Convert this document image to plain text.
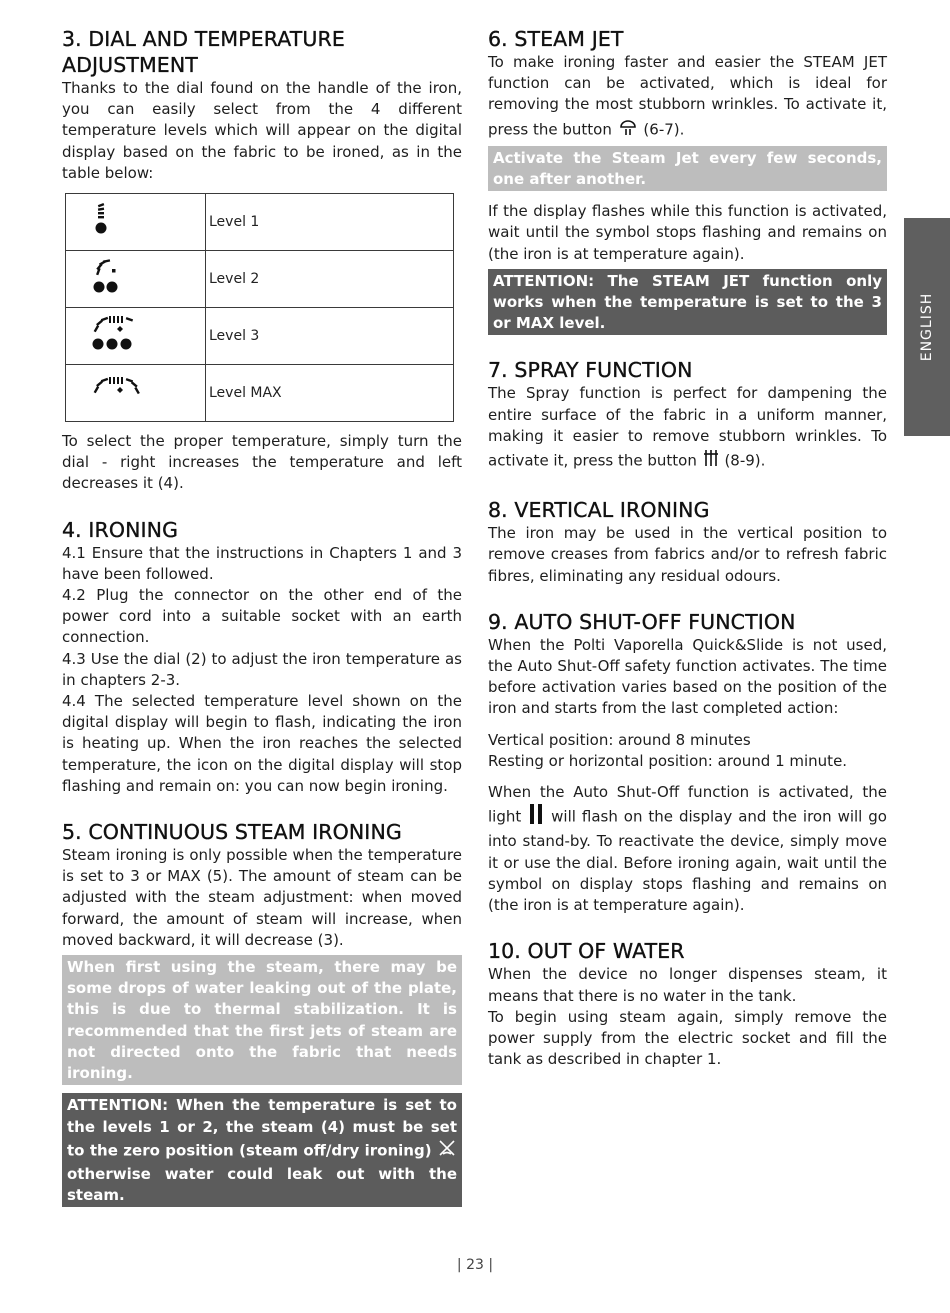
3. DIAL AND TEMPERATURE
ADJUSTMENT

Thanks to the dial found on the handle of the iron, you can easily select from the 4 different temperature levels which will appear on the digital display based on the fabric to be ironed, as in the table below:

	Level 1
	Level 2
	Level 3
	Level MAX

To select the proper temperature, simply turn the dial - right increases the temperature and left decreases it (4).

4. IRONING

4.1 Ensure that the instructions in Chapters 1 and 3 have been followed.

4.2 Plug the connector on the other end of the power cord into a suitable socket with an earth connection.

4.3 Use the dial (2) to adjust the iron temperature as in chapters 2-3.

4.4 The selected temperature level shown on the digital display will begin to flash, indicating the iron is heating up. When the iron reaches the selected temperature, the icon on the digital display will stop flashing and remain on: you can now begin ironing.

5. CONTINUOUS STEAM IRONING

Steam ironing is only possible when the temperature is set to 3 or MAX (5). The amount of steam can be adjusted with the steam adjustment: when moved forward, the amount of steam will increase, when moved backward, it will decrease (3).

When first using the steam, there may be some drops of water leaking out of the plate, this is due to thermal stabilization. It is recommended that the first jets of steam are not directed onto the fabric that needs ironing.
ATTENTION: When the temperature is set to the levels 1 or 2, the steam (4) must be set to the zero position (steam off/dry ironing)  otherwise water could leak out with the steam.
6. STEAM JET

To make ironing faster and easier the STEAM JET function can be activated, which is ideal for removing the most stubborn wrinkles. To activate it, press the button (6-7).

Activate the Steam Jet every few seconds, one after another.

If the display flashes while this function is activated, wait until the symbol stops flashing and remains on (the iron is at temperature again).

ATTENTION: The STEAM JET function only works when the temperature is set to the 3 or MAX level.
7. SPRAY FUNCTION

The Spray function is perfect for dampening the entire surface of the fabric in a uniform manner, making it easier to remove stubborn wrinkles. To activate it, press the button (8-9).

8. VERTICAL IRONING

The iron may be used in the vertical position to remove creases from fabrics and/or to refresh fabric fibres, eliminating any residual odours.

9. AUTO SHUT-OFF FUNCTION

When the Polti Vaporella Quick&Slide is not used, the Auto Shut-Off safety function activates. The time before activation varies based on the position of the iron and starts from the last completed action:

Vertical position: around 8 minutes

Resting or horizontal position: around 1 minute.

When the Auto Shut-Off function is activated, the light will flash on the display and the iron will go into stand-by. To reactivate the device, simply move it or use the dial. Before ironing again, wait until the symbol on display stops flashing and remains on (the iron is at temperature again).

10. OUT OF WATER

When the device no longer dispenses steam, it means that there is no water in the tank.

To begin using steam again, simply remove the power supply from the electric socket and fill the tank as described in chapter 1.

ENGLISH
| 23 |
